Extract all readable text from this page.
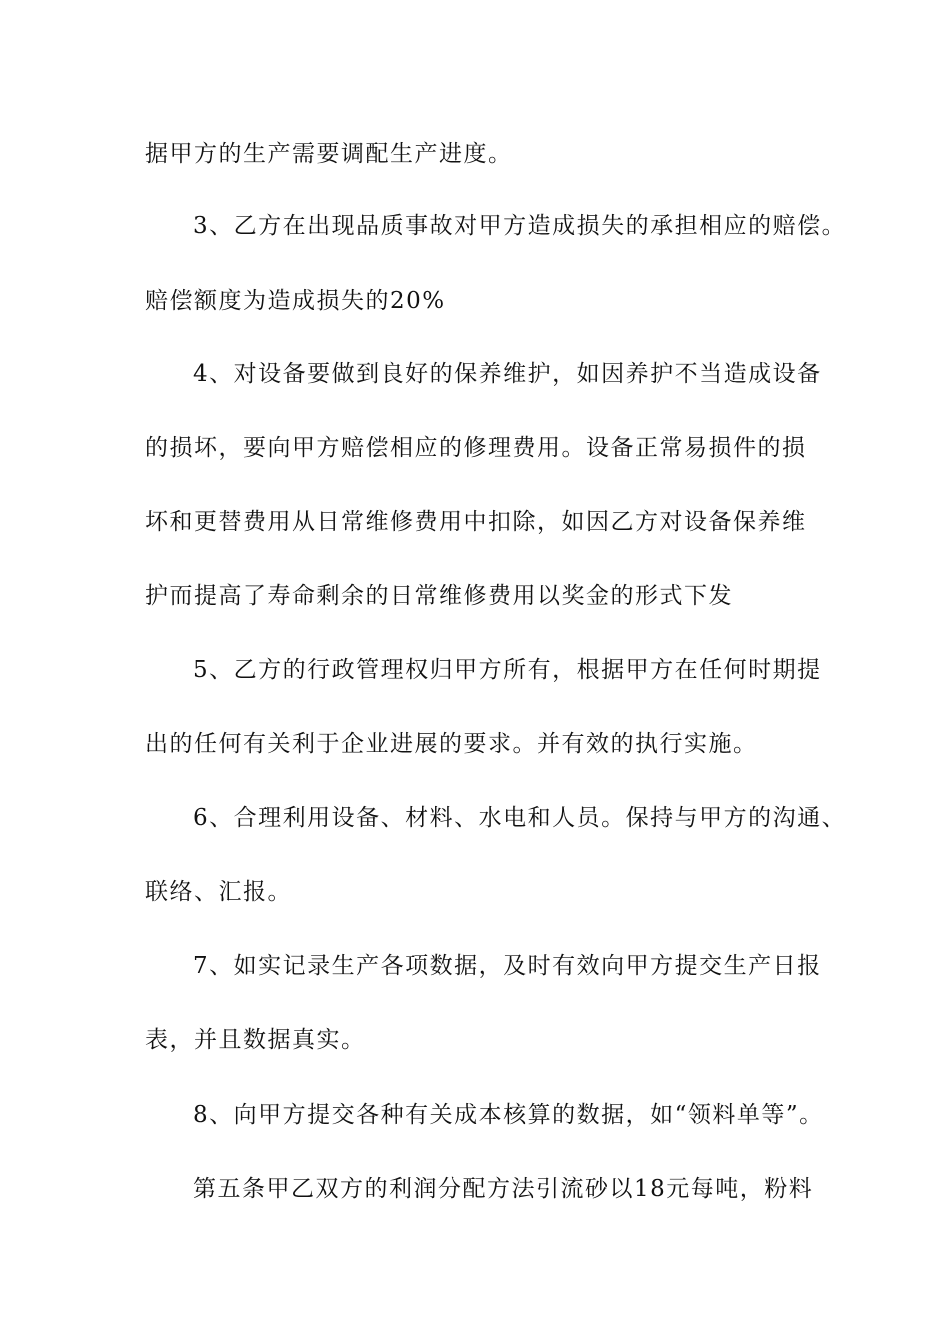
据甲方的生产需要调配生产进度。
3、乙方在出现品质事故对甲方造成损失的承担相应的赔偿。
赔偿额度为造成损失的20%
4、对设备要做到良好的保养维护，如因养护不当造成设备
的损坏，要向甲方赔偿相应的修理费用。设备正常易损件的损
坏和更替费用从日常维修费用中扣除，如因乙方对设备保养维
护而提高了寿命剩余的日常维修费用以奖金的形式下发
5、乙方的行政管理权归甲方所有，根据甲方在任何时期提
出的任何有关利于企业进展的要求。并有效的执行实施。
6、合理利用设备、材料、水电和人员。保持与甲方的沟通、
联络、汇报。
7、如实记录生产各项数据，及时有效向甲方提交生产日报
表，并且数据真实。
8、向甲方提交各种有关成本核算的数据，如“领料单等”。
第五条甲乙双方的利润分配方法引流砂以18元每吨，粉料
